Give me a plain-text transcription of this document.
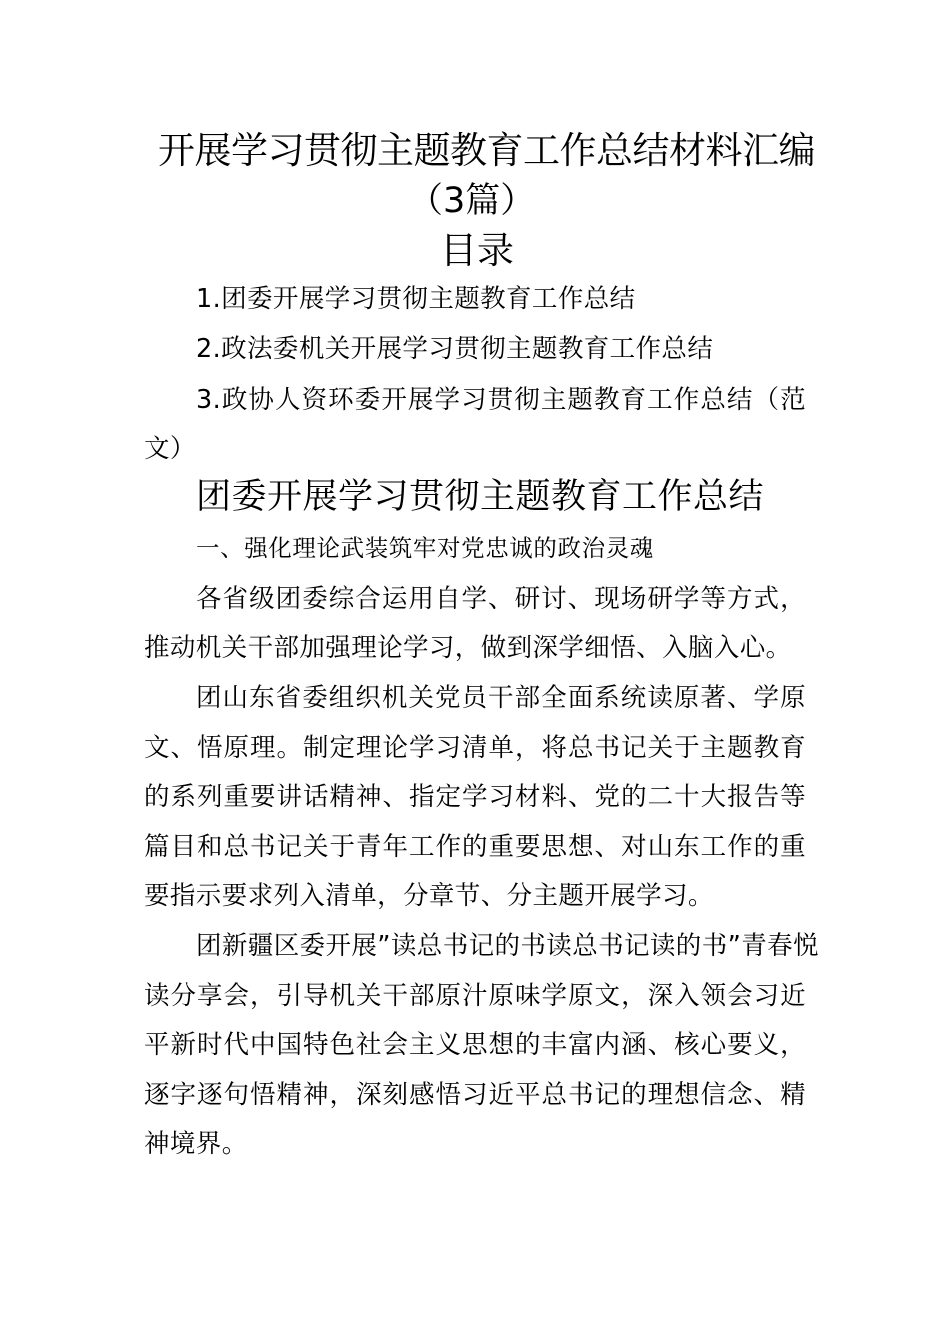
开展学习贯彻主题教育工作总结材料汇编
（3篇）
目录
1.团委开展学习贯彻主题教育工作总结
2.政法委机关开展学习贯彻主题教育工作总结
3.政协人资环委开展学习贯彻主题教育工作总结（范
文）
团委开展学习贯彻主题教育工作总结
一、强化理论武装筑牢对党忠诚的政治灵魂
各省级团委综合运用自学、研讨、现场研学等方式，
推动机关干部加强理论学习，做到深学细悟、入脑入心。
团山东省委组织机关党员干部全面系统读原著、学原
文、悟原理。制定理论学习清单，将总书记关于主题教育
的系列重要讲话精神、指定学习材料、党的二十大报告等
篇目和总书记关于青年工作的重要思想、对山东工作的重
要指示要求列入清单，分章节、分主题开展学习。
团新疆区委开展”读总书记的书读总书记读的书”青春悦
读分享会，引导机关干部原汁原味学原文，深入领会习近
平新时代中国特色社会主义思想的丰富内涵、核心要义，
逐字逐句悟精神，深刻感悟习近平总书记的理想信念、精
神境界。
